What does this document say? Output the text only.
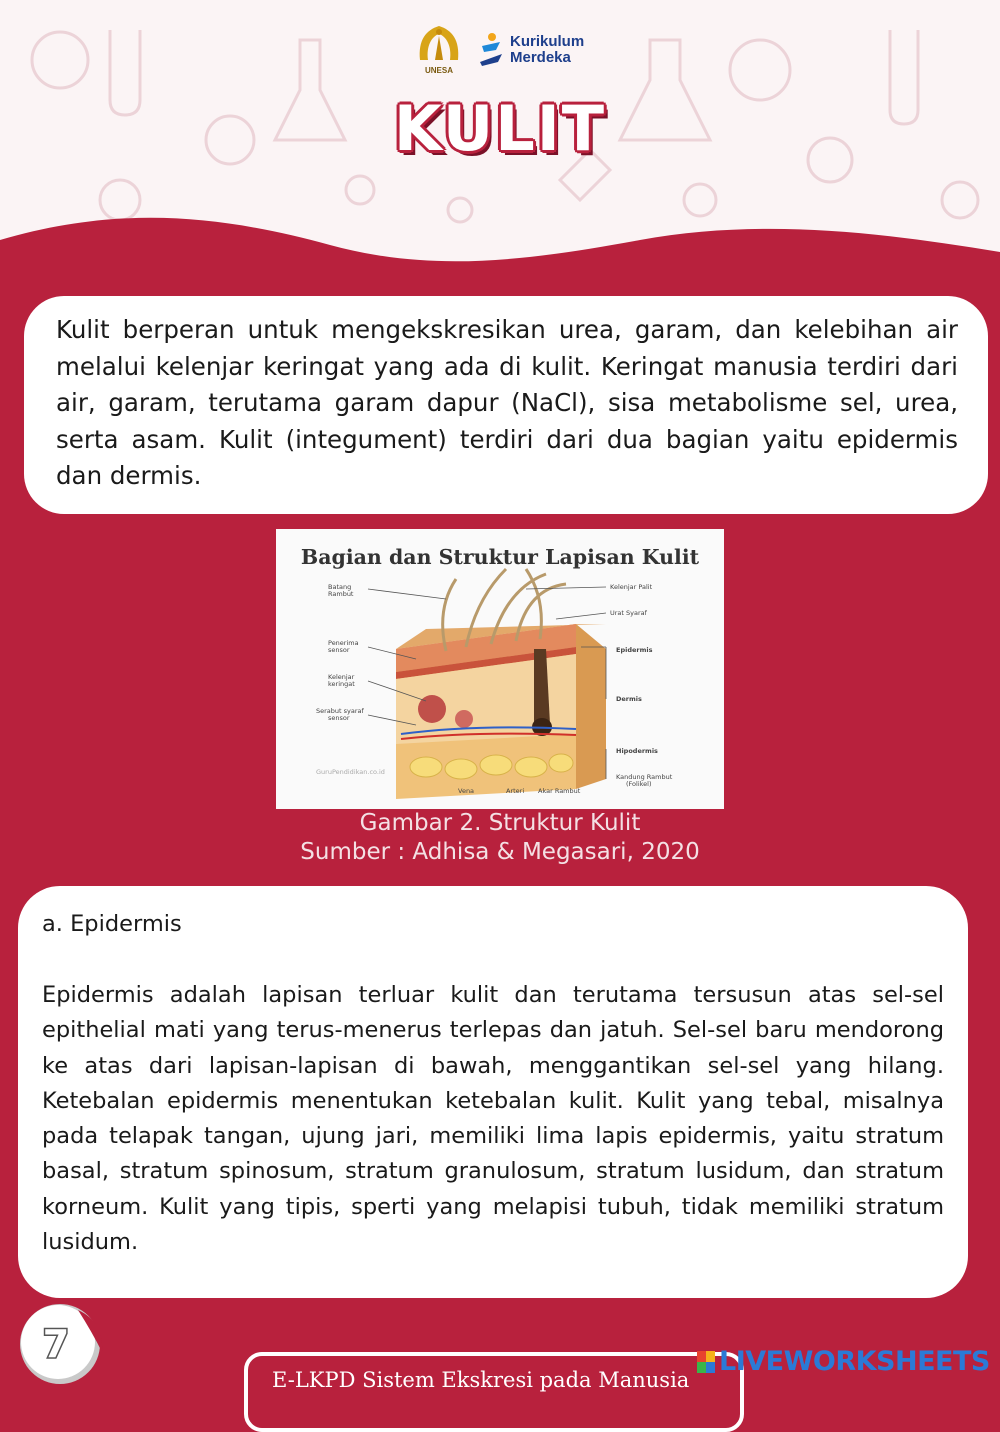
UNESA
Kurikulum
Merdeka
KULIT

Kulit berperan untuk mengekskresikan urea, garam, dan kelebihan air melalui kelenjar keringat yang ada di kulit. Keringat manusia terdiri dari air, garam, terutama garam dapur (NaCl), sisa metabolisme sel, urea, serta asam. Kulit (integument) terdiri dari dua bagian yaitu epidermis dan dermis.

Batang
Rambut
Penerima
sensor
Kelenjar
keringat
Serabut syaraf
sensor
Kelenjar Palit
Urat Syaraf
Epidermis
Dermis
Hipodermis
Kandung Rambut
(Folikel)
Vena	Arteri Akar Rambut
GuruPendidikan.co.id
Bagian dan Struktur Lapisan Kulit
Gambar 2. Struktur Kulit
Sumber : Adhisa & Megasari, 2020

a. Epidermis

Epidermis adalah lapisan terluar kulit dan terutama tersusun atas sel-sel epithelial mati yang terus-menerus terlepas dan jatuh. Sel-sel baru mendorong ke atas dari lapisan-lapisan di bawah, menggantikan sel-sel yang hilang. Ketebalan epidermis menentukan ketebalan kulit. Kulit yang tebal, misalnya pada telapak tangan, ujung jari, memiliki lima lapis epidermis, yaitu stratum basal, stratum spinosum, stratum granulosum, stratum lusidum, dan stratum korneum. Kulit yang tipis, sperti yang melapisi tubuh, tidak memiliki stratum lusidum.

7
E-LKPD Sistem Ekskresi pada Manusia
LIVEWORKSHEETS
